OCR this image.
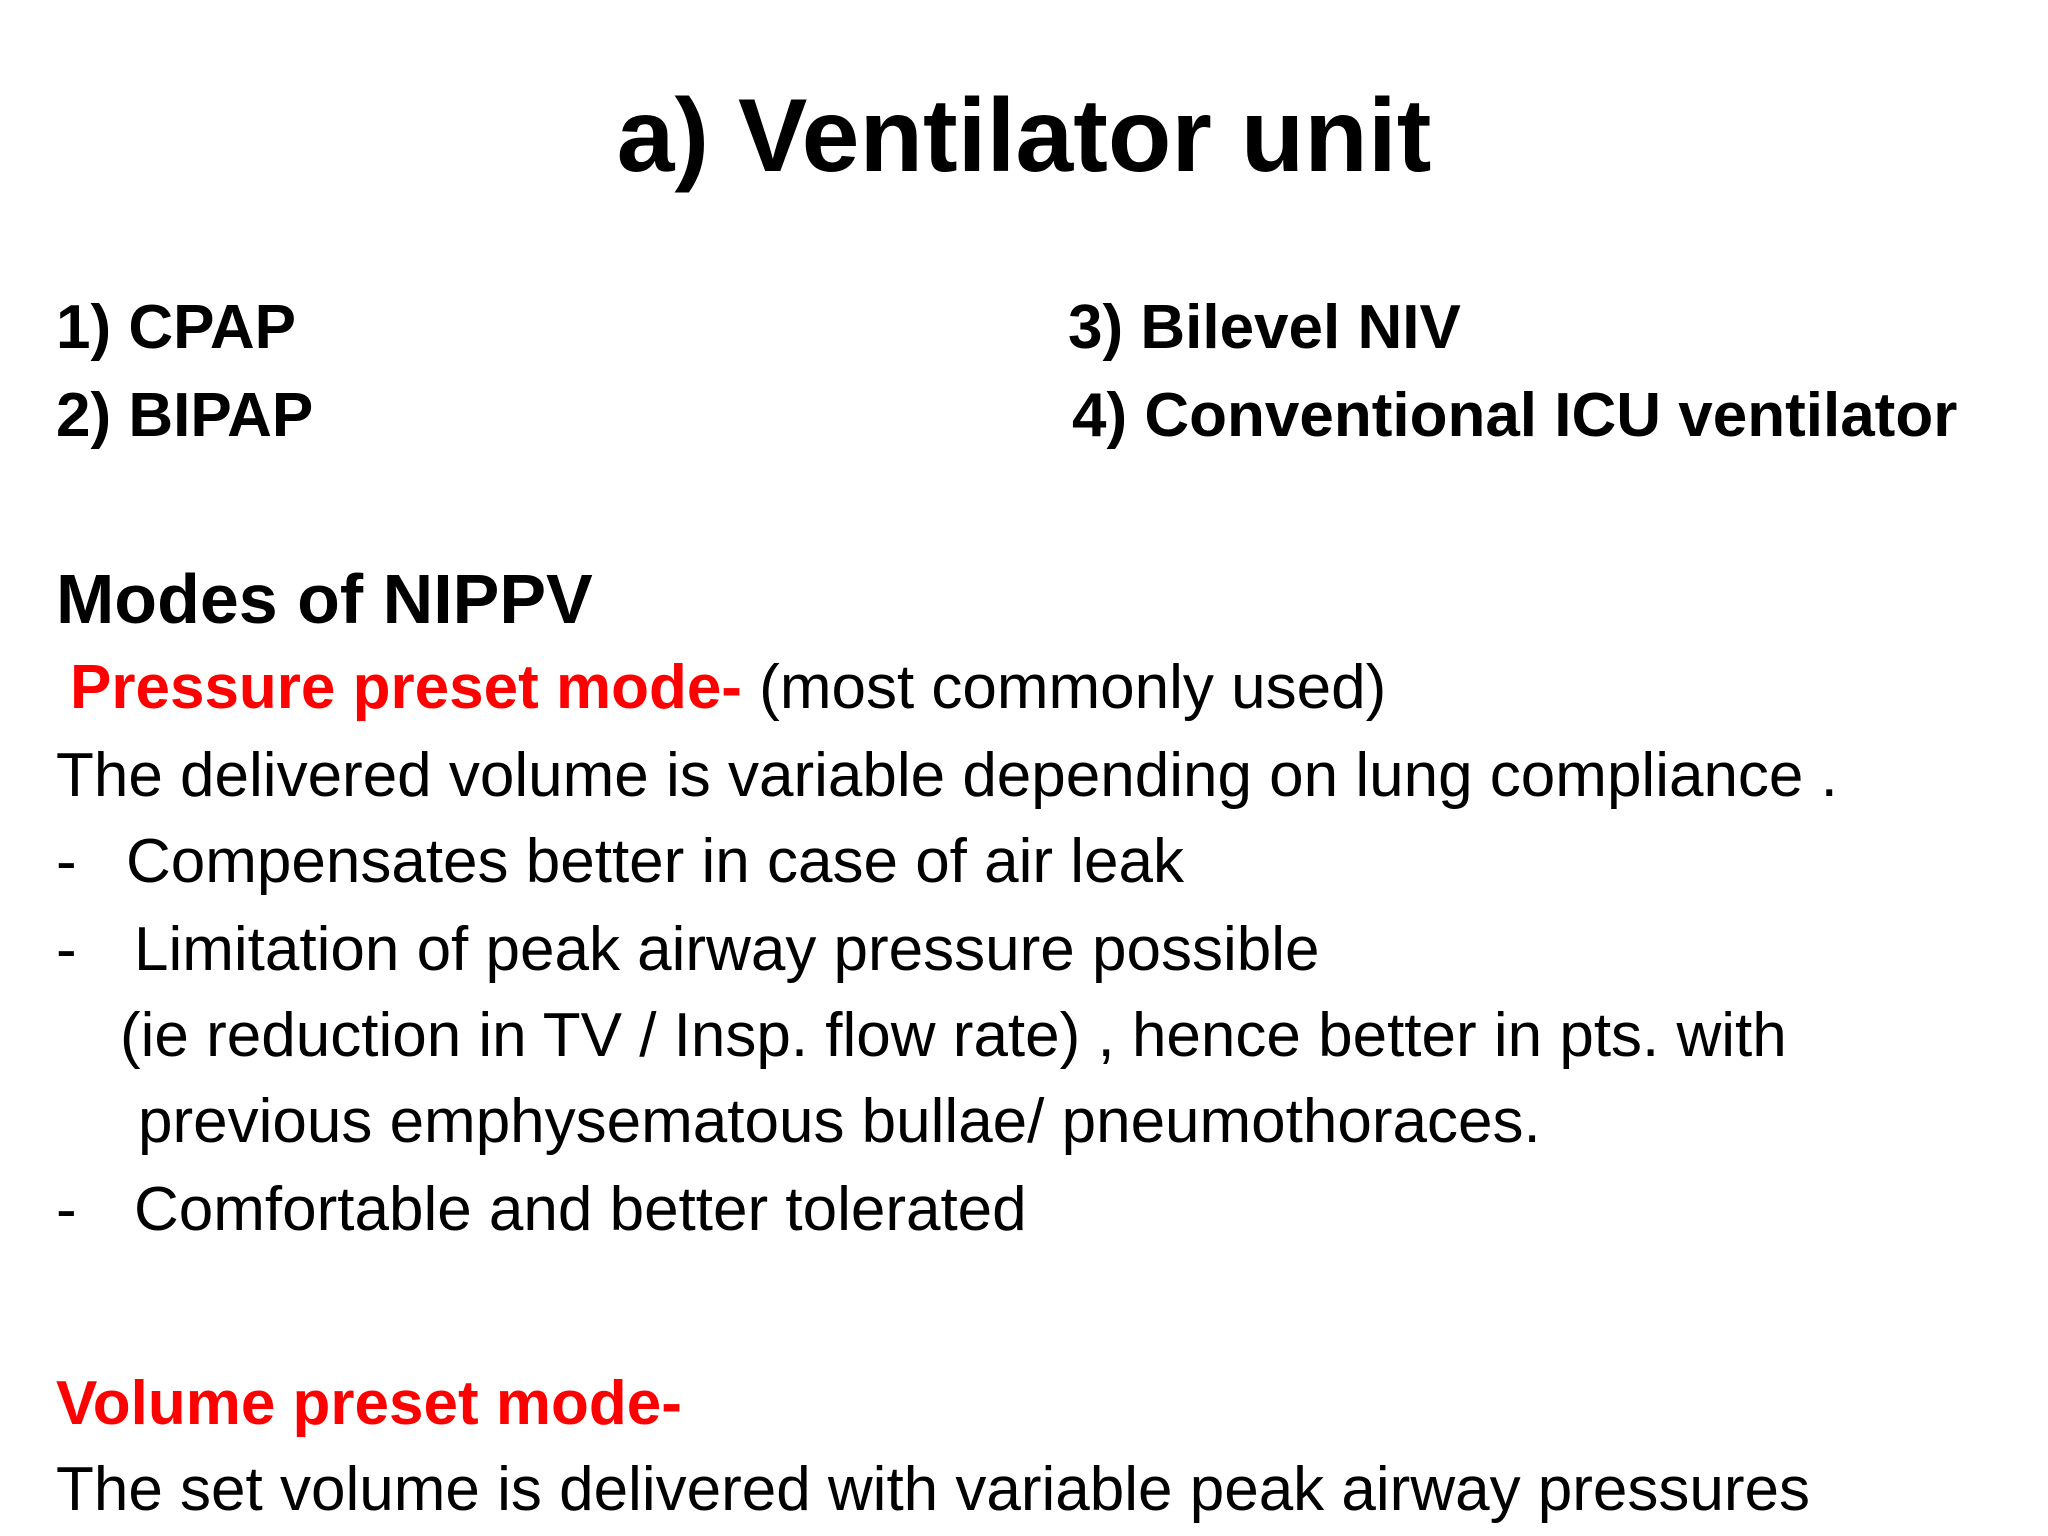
a) Ventilator unit
1) CPAP
2) BIPAP
3) Bilevel NIV
4) Conventional ICU ventilator
Modes of NIPPV
Pressure preset mode- (most commonly used)
The delivered volume is variable depending on lung compliance .
- Compensates better in case of air leak
- Limitation of peak airway pressure possible
(ie reduction in TV / Insp. flow rate) , hence better in pts. with
previous emphysematous bullae/ pneumothoraces.
- Comfortable and better tolerated
Volume preset mode-
The set volume is delivered with variable peak airway pressures
